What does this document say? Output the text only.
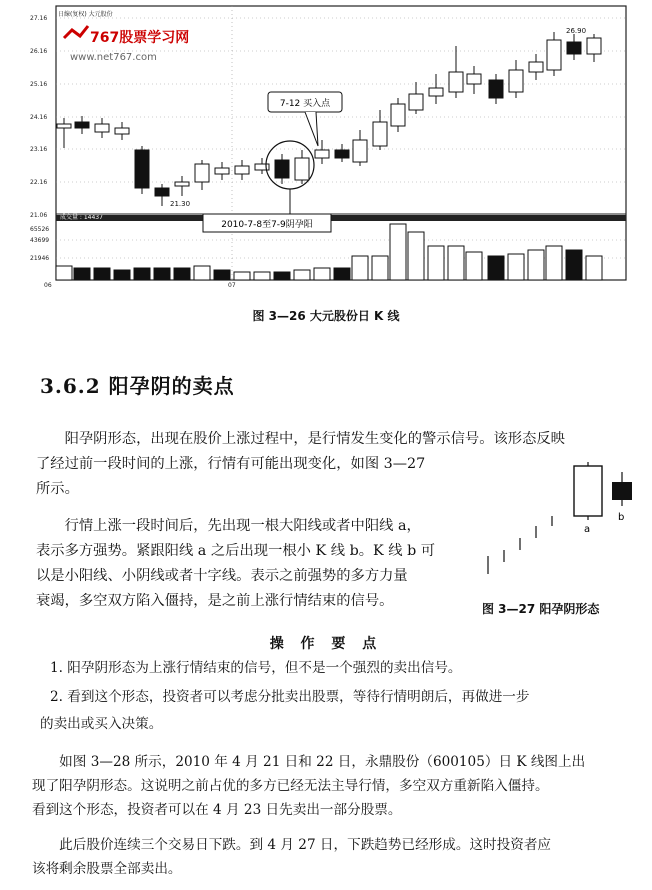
27.16
26.16
25.16
24.16
23.16
22.16
21.06
65526
43699
21946
06	07
成交量 : 14437
日線(复权) 大元股份
767股票学习网
www.net767.com
26.90
21.30
2010-7-8至7-9阴孕阳
7-12 买入点
图 3—26 大元股份日 K 线
3.6.2 阳孕阴的卖点
　　阳孕阴形态，出现在股价上涨过程中，是行情发生变化的警示信号。该形态反映
了经过前一段时间的上涨，行情有可能出现变化，如图 3—27
所示。
　　行情上涨一段时间后，先出现一根大阳线或者中阳线 a，
表示多方强势。紧跟阳线 a 之后出现一根小 K 线 b。K 线 b 可
以是小阳线、小阴线或者十字线。表示之前强势的多方力量
衰竭，多空双方陷入僵持，是之前上涨行情结束的信号。
a
b
图 3—27 阳孕阴形态
操 作 要 点
1. 阳孕阴形态为上涨行情结束的信号，但不是一个强烈的卖出信号。
2. 看到这个形态，投资者可以考虑分批卖出股票，等待行情明朗后，再做进一步
的卖出或买入决策。
　　如图 3—28 所示，2010 年 4 月 21 日和 22 日，永鼎股份（600105）日 K 线图上出
现了阳孕阴形态。这说明之前占优的多方已经无法主导行情，多空双方重新陷入僵持。
看到这个形态，投资者可以在 4 月 23 日先卖出一部分股票。
　　此后股价连续三个交易日下跌。到 4 月 27 日，下跌趋势已经形成。这时投资者应
该将剩余股票全部卖出。
